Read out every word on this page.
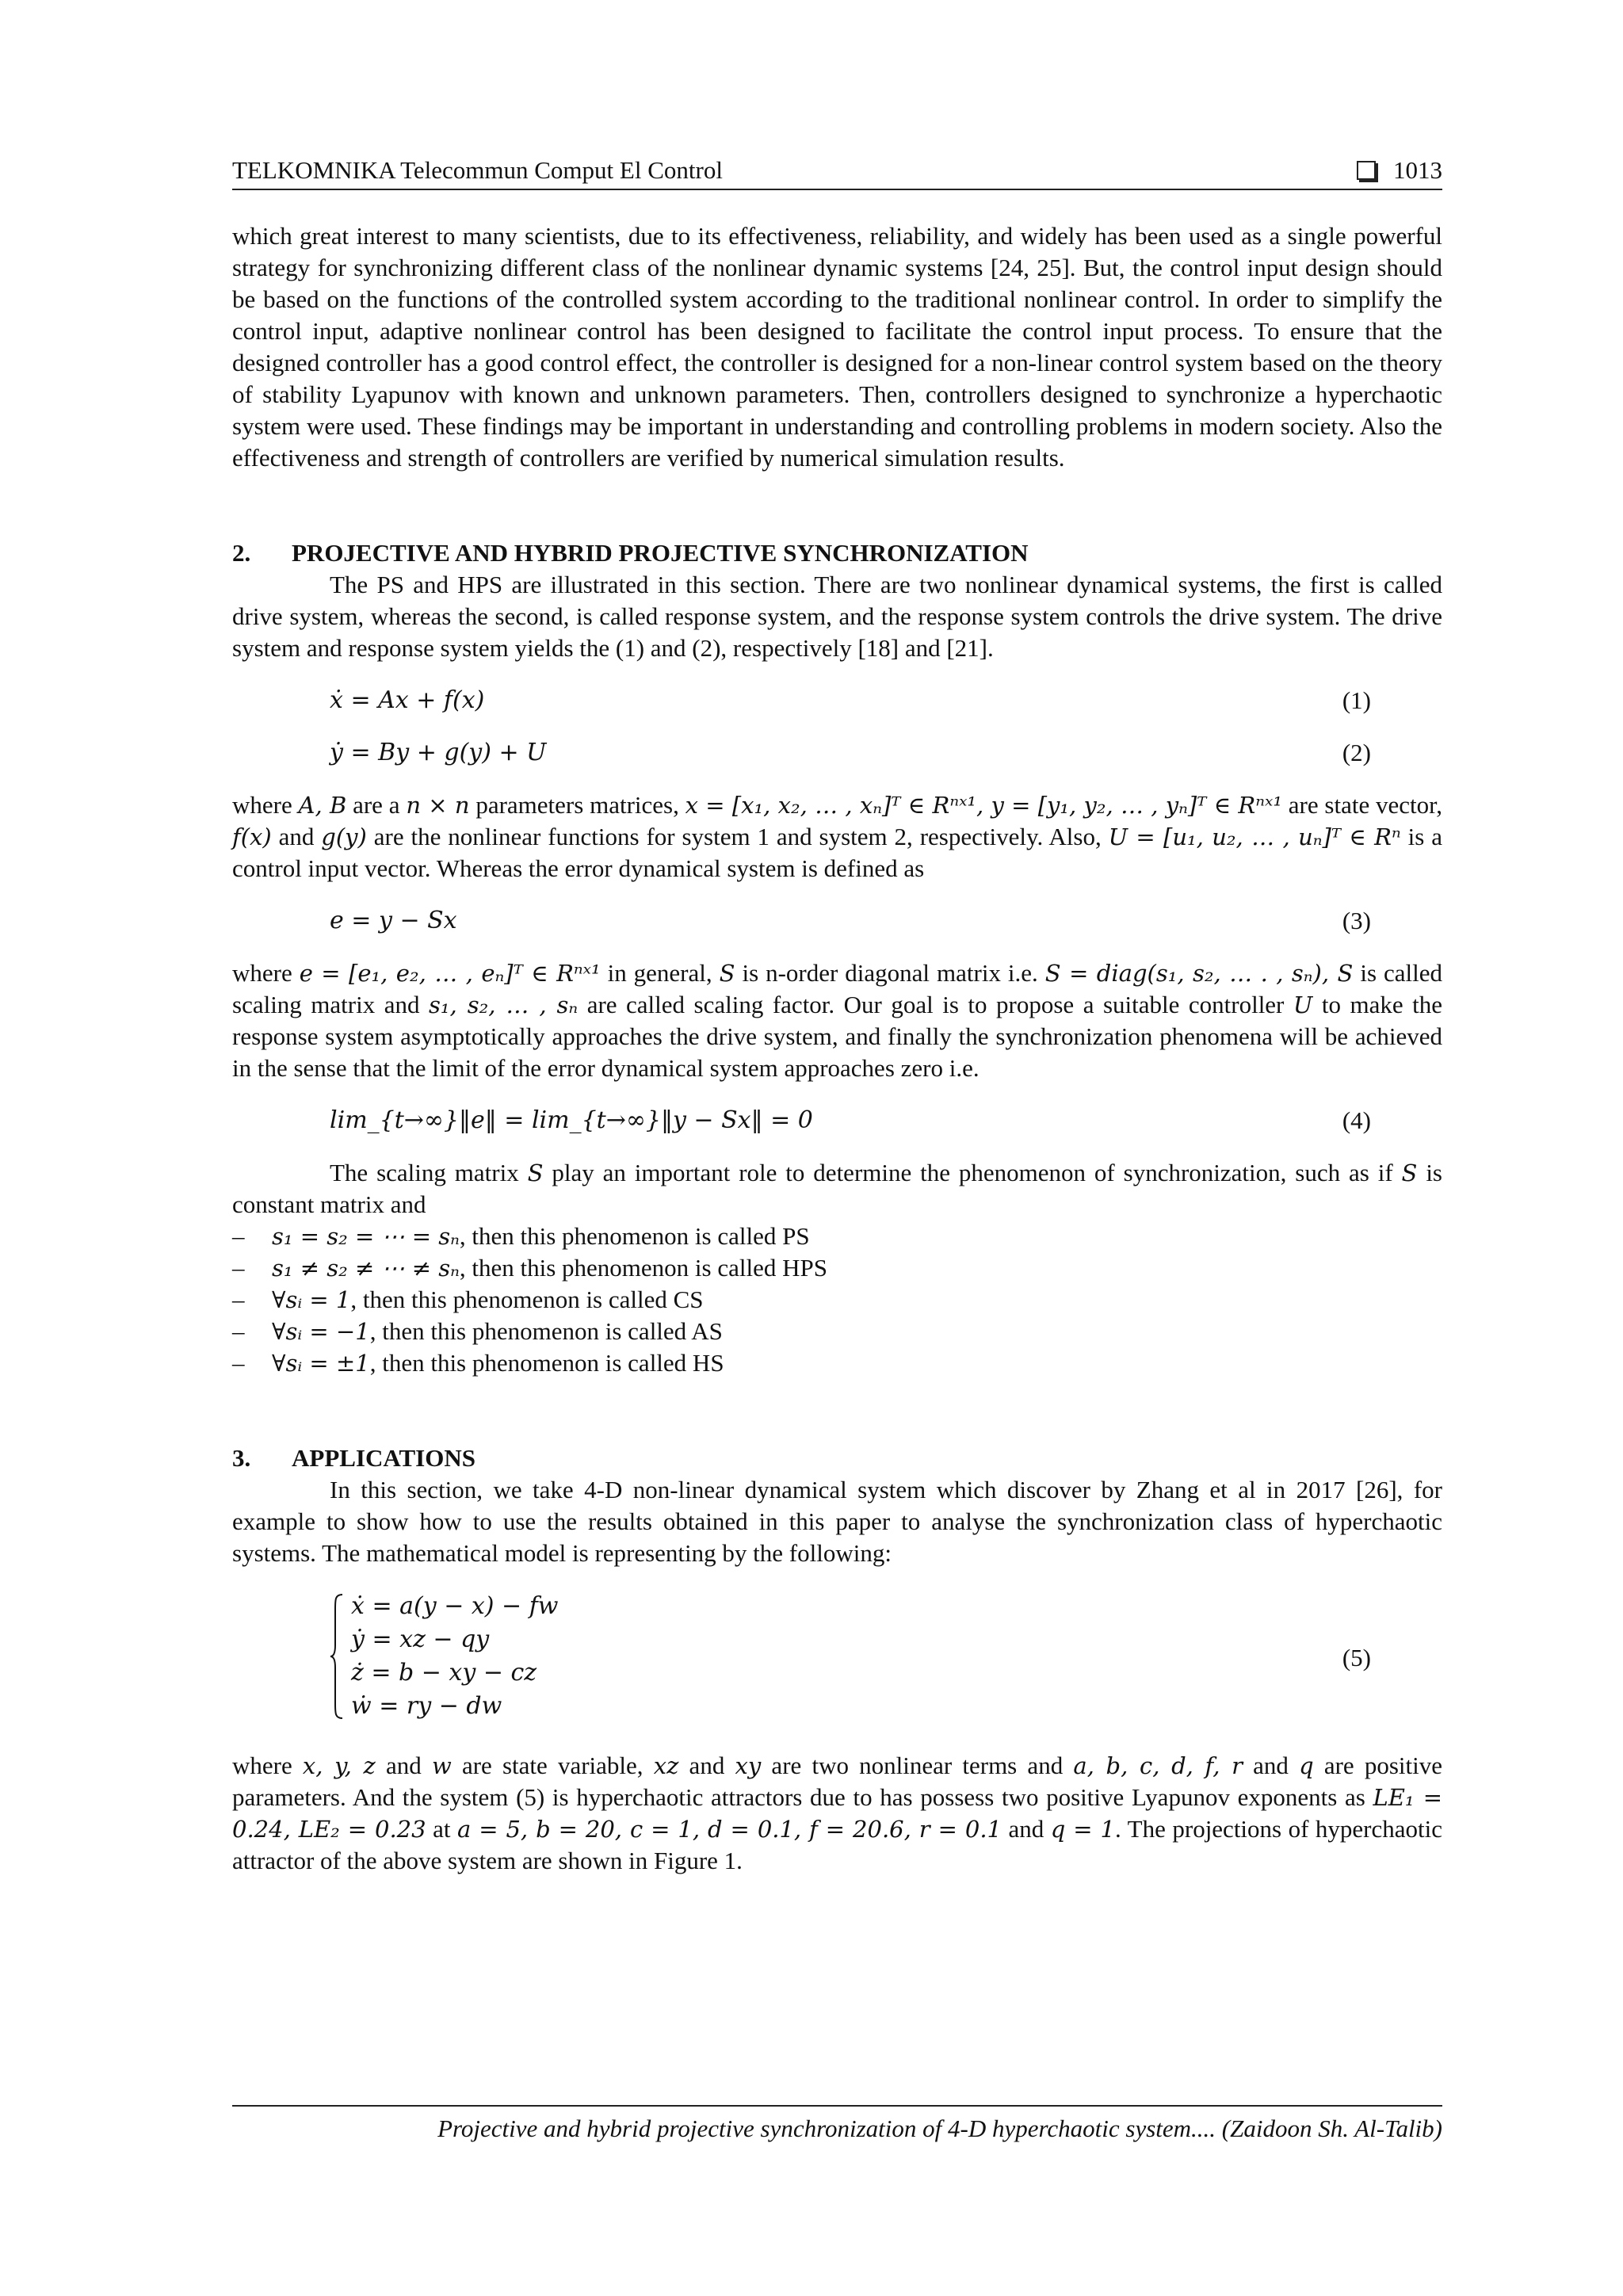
TELKOMNIKA Telecommun Comput El Control	1013

which great interest to many scientists, due to its effectiveness, reliability, and widely has been used as a single powerful strategy for synchronizing different class of the nonlinear dynamic systems [24, 25]. But, the control input design should be based on the functions of the controlled system according to the traditional nonlinear control. In order to simplify the control input, adaptive nonlinear control has been designed to facilitate the control input process. To ensure that the designed controller has a good control effect, the controller is designed for a non-linear control system based on the theory of stability Lyapunov with known and unknown parameters. Then, controllers designed to synchronize a hyperchaotic system were used. These findings may be important in understanding and controlling problems in modern society. Also the effectiveness and strength of controllers are verified by numerical simulation results.

2.	PROJECTIVE AND HYBRID PROJECTIVE SYNCHRONIZATION

The PS and HPS are illustrated in this section. There are two nonlinear dynamical systems, the first is called drive system, whereas the second, is called response system, and the response system controls the drive system. The drive system and response system yields the (1) and (2), respectively [18] and [21].

ẋ = Ax + f(x)	(1)
ẏ = By + g(y) + U	(2)

where A, B are a n × n parameters matrices, x = [x₁, x₂, … , xₙ]ᵀ ∈ Rⁿˣ¹, y = [y₁, y₂, … , yₙ]ᵀ ∈ Rⁿˣ¹ are state vector, f(x) and g(y) are the nonlinear functions for system 1 and system 2, respectively. Also, U = [u₁, u₂, … , uₙ]ᵀ ∈ Rⁿ is a control input vector. Whereas the error dynamical system is defined as

e = y − Sx	(3)

where e = [e₁, e₂, … , eₙ]ᵀ ∈ Rⁿˣ¹ in general, S is n-order diagonal matrix i.e. S = diag(s₁, s₂, … . , sₙ), S is called scaling matrix and s₁, s₂, … , sₙ are called scaling factor. Our goal is to propose a suitable controller U to make the response system asymptotically approaches the drive system, and finally the synchronization phenomena will be achieved in the sense that the limit of the error dynamical system approaches zero i.e.

lim_{t→∞}‖e‖ = lim_{t→∞}‖y − Sx‖ = 0	(4)

The scaling matrix S play an important role to determine the phenomenon of synchronization, such as if S is constant matrix and

– s₁ = s₂ = ⋯ = sₙ, then this phenomenon is called PS
– s₁ ≠ s₂ ≠ ⋯ ≠ sₙ, then this phenomenon is called HPS
– ∀sᵢ = 1, then this phenomenon is called CS
– ∀sᵢ = −1, then this phenomenon is called AS
– ∀sᵢ = ±1, then this phenomenon is called HS
3.	APPLICATIONS

In this section, we take 4-D non-linear dynamical system which discover by Zhang et al in 2017 [26], for example to show how to use the results obtained in this paper to analyse the synchronization class of hyperchaotic systems. The mathematical model is representing by the following:

ẋ = a(y − x) − fw
ẏ = xz − qy
ż = b − xy − cz
ẇ = ry − dw
(5)

where x, y, z and w are state variable, xz and xy are two nonlinear terms and a, b, c, d, f, r and q are positive parameters. And the system (5) is hyperchaotic attractors due to has possess two positive Lyapunov exponents as LE₁ = 0.24, LE₂ = 0.23 at a = 5, b = 20, c = 1, d = 0.1, f = 20.6, r = 0.1 and q = 1. The projections of hyperchaotic attractor of the above system are shown in Figure 1.

Projective and hybrid projective synchronization of 4-D hyperchaotic system.... (Zaidoon Sh. Al-Talib)
